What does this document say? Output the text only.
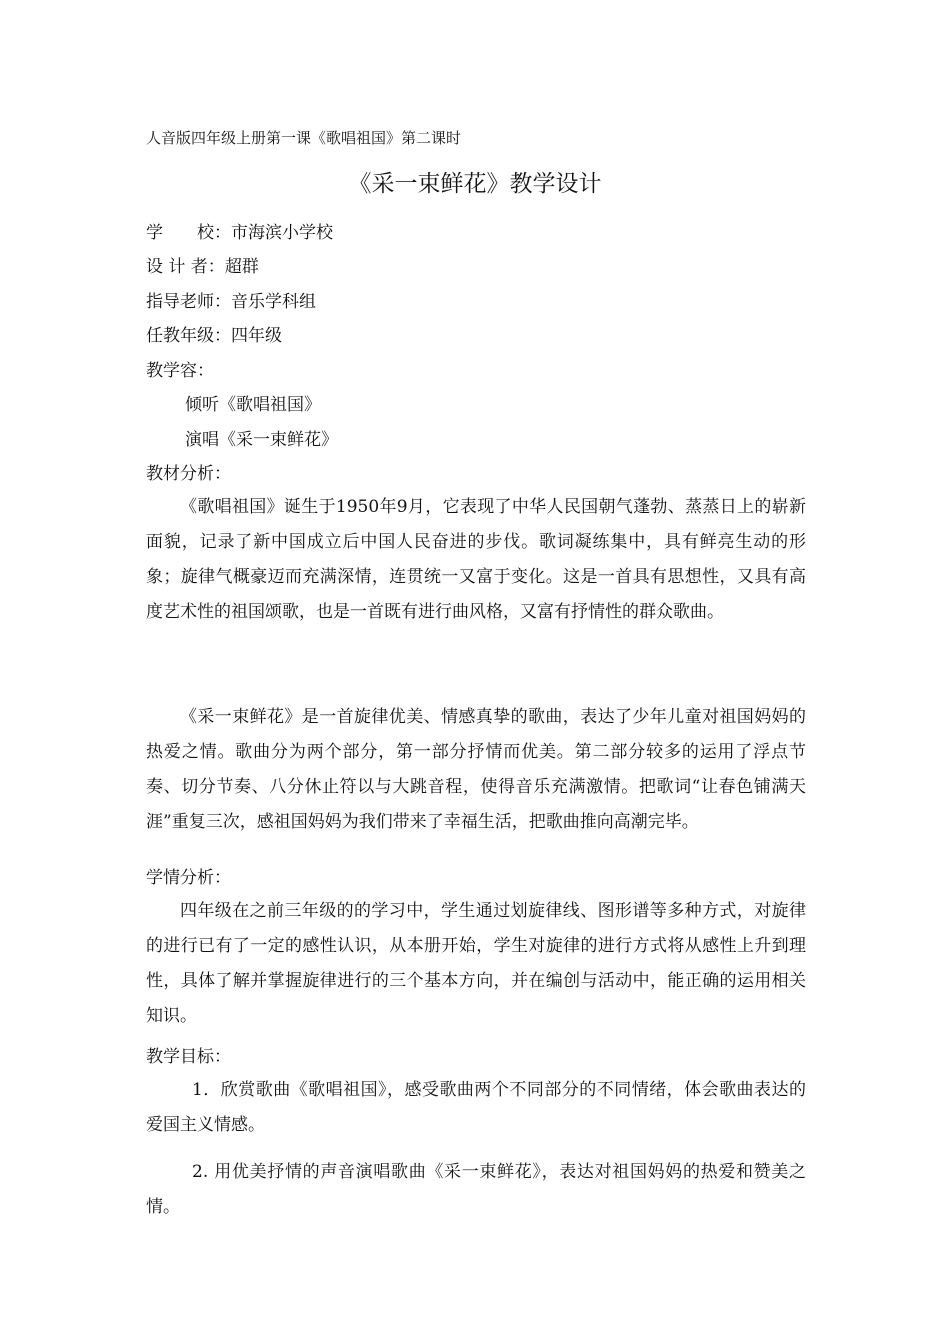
人音版四年级上册第一课《歌唱祖国》第二课时
《采一束鲜花》教学设计
学　　校：市海滨小学校
设 计 者：超群
指导老师：音乐学科组
任教年级：四年级
教学容：
倾听《歌唱祖国》
演唱《采一束鲜花》
教材分析：
《歌唱祖国》诞生于1950年9月，它表现了中华人民国朝气蓬勃、蒸蒸日上的崭新面貌，记录了新中国成立后中国人民奋进的步伐。歌词凝练集中，具有鲜亮生动的形象；旋律气概豪迈而充满深情，连贯统一又富于变化。这是一首具有思想性，又具有高度艺术性的祖国颂歌，也是一首既有进行曲风格，又富有抒情性的群众歌曲。
《采一束鲜花》是一首旋律优美、情感真挚的歌曲，表达了少年儿童对祖国妈妈的热爱之情。歌曲分为两个部分，第一部分抒情而优美。第二部分较多的运用了浮点节奏、切分节奏、八分休止符以与大跳音程，使得音乐充满激情。把歌词“让春色铺满天涯”重复三次，感祖国妈妈为我们带来了幸福生活，把歌曲推向高潮完毕。
学情分析：
四年级在之前三年级的的学习中，学生通过划旋律线、图形谱等多种方式，对旋律的进行已有了一定的感性认识，从本册开始，学生对旋律的进行方式将从感性上升到理性，具体了解并掌握旋律进行的三个基本方向，并在编创与活动中，能正确的运用相关知识。
教学目标：
1．欣赏歌曲《歌唱祖国》，感受歌曲两个不同部分的不同情绪，体会歌曲表达的爱国主义情感。
2. 用优美抒情的声音演唱歌曲《采一束鲜花》，表达对祖国妈妈的热爱和赞美之情。
